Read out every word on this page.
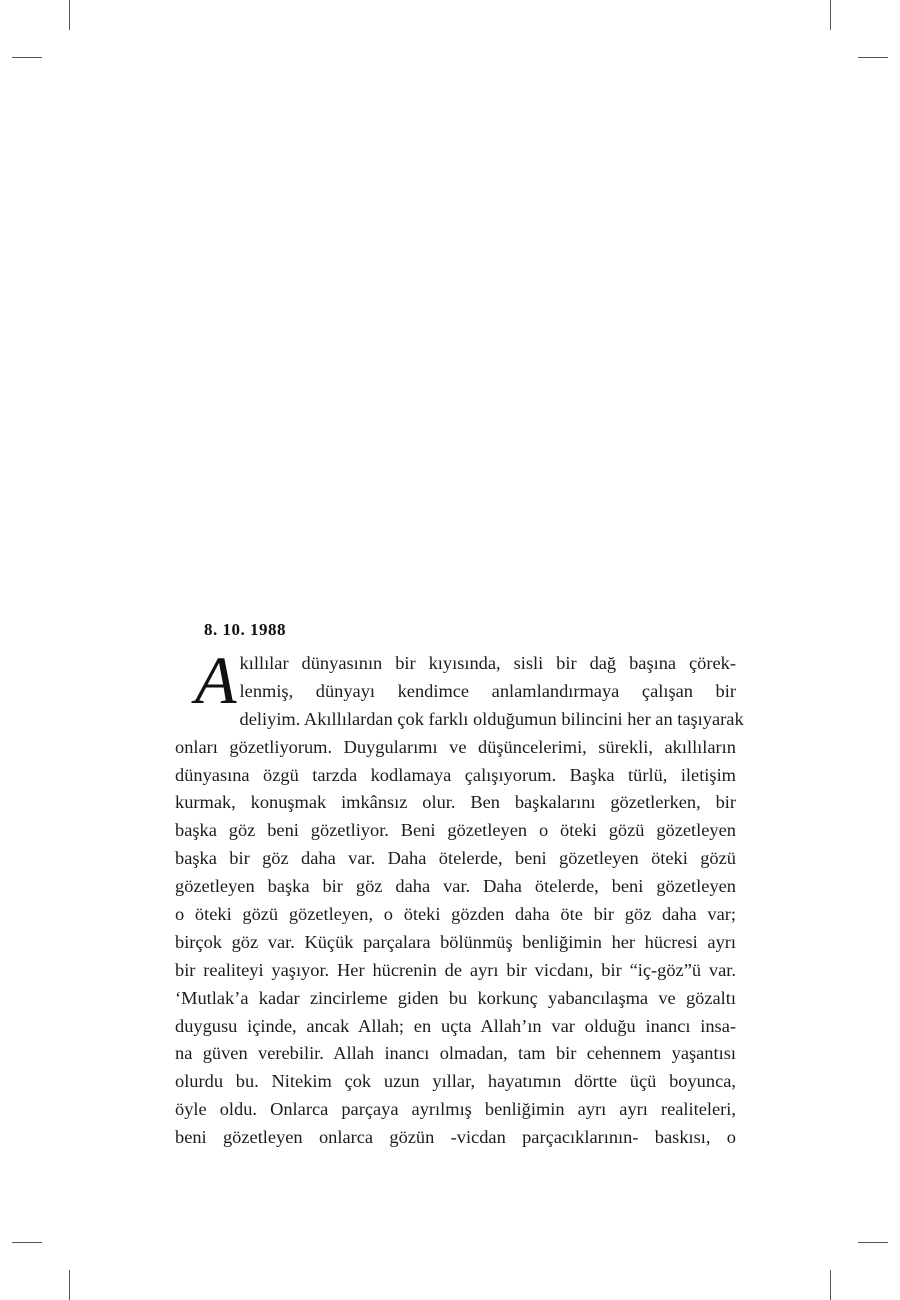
8. 10. 1988
A kıllılar dünyasının bir kıyısında, sisli bir dağ başına çörek-
lenmiş, dünyayı kendimce anlamlandırmaya çalışan bir
deliyim. Akıllılardan çok farklı olduğumun bilincini her an taşıyarak
onları gözetliyorum. Duygularımı ve düşüncelerimi, sürekli, akıllıların
dünyasına özgü tarzda kodlamaya çalışıyorum. Başka türlü, iletişim
kurmak, konuşmak imkânsız olur. Ben başkalarını gözetlerken, bir
başka göz beni gözetliyor. Beni gözetleyen o öteki gözü gözetleyen
başka bir göz daha var. Daha ötelerde, beni gözetleyen öteki gözü
gözetleyen başka bir göz daha var. Daha ötelerde, beni gözetleyen
o öteki gözü gözetleyen, o öteki gözden daha öte bir göz daha var;
birçok göz var. Küçük parçalara bölünmüş benliğimin her hücresi ayrı
bir realiteyi yaşıyor. Her hücrenin de ayrı bir vicdanı, bir “iç-göz”ü var.
‘Mutlak’a kadar zincirleme giden bu korkunç yabancılaşma ve gözaltı
duygusu içinde, ancak Allah; en uçta Allah’ın var olduğu inancı insa-
na güven verebilir. Allah inancı olmadan, tam bir cehennem yaşantısı
olurdu bu. Nitekim çok uzun yıllar, hayatımın dörtte üçü boyunca,
öyle oldu. Onlarca parçaya ayrılmış benliğimin ayrı ayrı realiteleri,
beni gözetleyen onlarca gözün -vicdan parçacıklarının- baskısı, o
